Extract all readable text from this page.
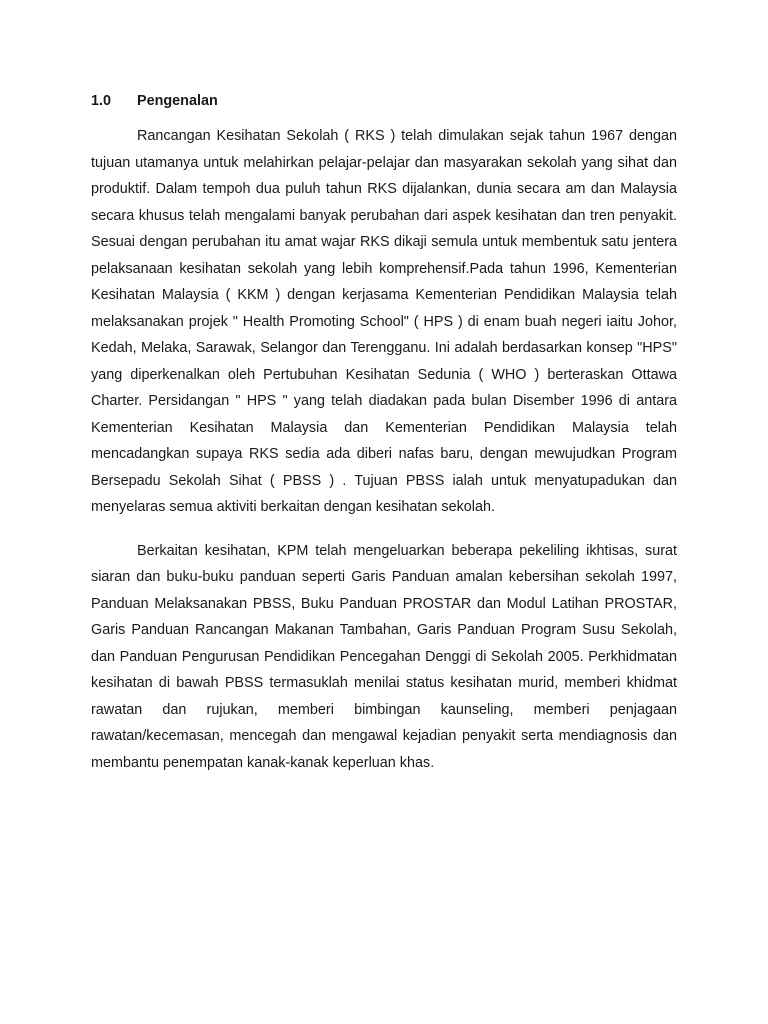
1.0	Pengenalan

Rancangan Kesihatan Sekolah ( RKS ) telah dimulakan sejak tahun 1967 dengan tujuan utamanya untuk melahirkan pelajar-pelajar dan masyarakan sekolah yang sihat dan produktif. Dalam tempoh dua puluh tahun RKS dijalankan, dunia secara am dan Malaysia secara khusus telah mengalami banyak perubahan dari aspek kesihatan dan tren penyakit. Sesuai dengan perubahan itu amat wajar RKS dikaji semula untuk membentuk satu jentera pelaksanaan kesihatan sekolah yang lebih komprehensif.Pada tahun 1996, Kementerian Kesihatan Malaysia ( KKM ) dengan kerjasama Kementerian Pendidikan Malaysia telah melaksanakan projek " Health Promoting School" ( HPS ) di enam buah negeri iaitu Johor, Kedah, Melaka, Sarawak, Selangor dan Terengganu. Ini adalah berdasarkan konsep "HPS" yang diperkenalkan oleh Pertubuhan Kesihatan Sedunia ( WHO ) berteraskan Ottawa Charter. Persidangan " HPS " yang telah diadakan pada bulan Disember 1996 di antara Kementerian Kesihatan Malaysia dan Kementerian Pendidikan Malaysia telah mencadangkan supaya RKS sedia ada diberi nafas baru, dengan mewujudkan Program Bersepadu Sekolah Sihat ( PBSS ) . Tujuan PBSS ialah untuk menyatupadukan dan menyelaras semua aktiviti berkaitan dengan kesihatan sekolah.

Berkaitan kesihatan, KPM telah mengeluarkan beberapa pekeliling ikhtisas, surat siaran dan buku-buku panduan seperti Garis Panduan amalan kebersihan sekolah 1997, Panduan Melaksanakan PBSS, Buku Panduan PROSTAR dan Modul Latihan PROSTAR, Garis Panduan Rancangan Makanan Tambahan, Garis Panduan Program Susu Sekolah, dan Panduan Pengurusan Pendidikan Pencegahan Denggi di Sekolah 2005. Perkhidmatan kesihatan di bawah PBSS termasuklah menilai status kesihatan murid, memberi khidmat rawatan dan rujukan, memberi bimbingan kaunseling, memberi penjagaan rawatan/kecemasan, mencegah dan mengawal kejadian penyakit serta mendiagnosis dan membantu penempatan kanak-kanak keperluan khas.
